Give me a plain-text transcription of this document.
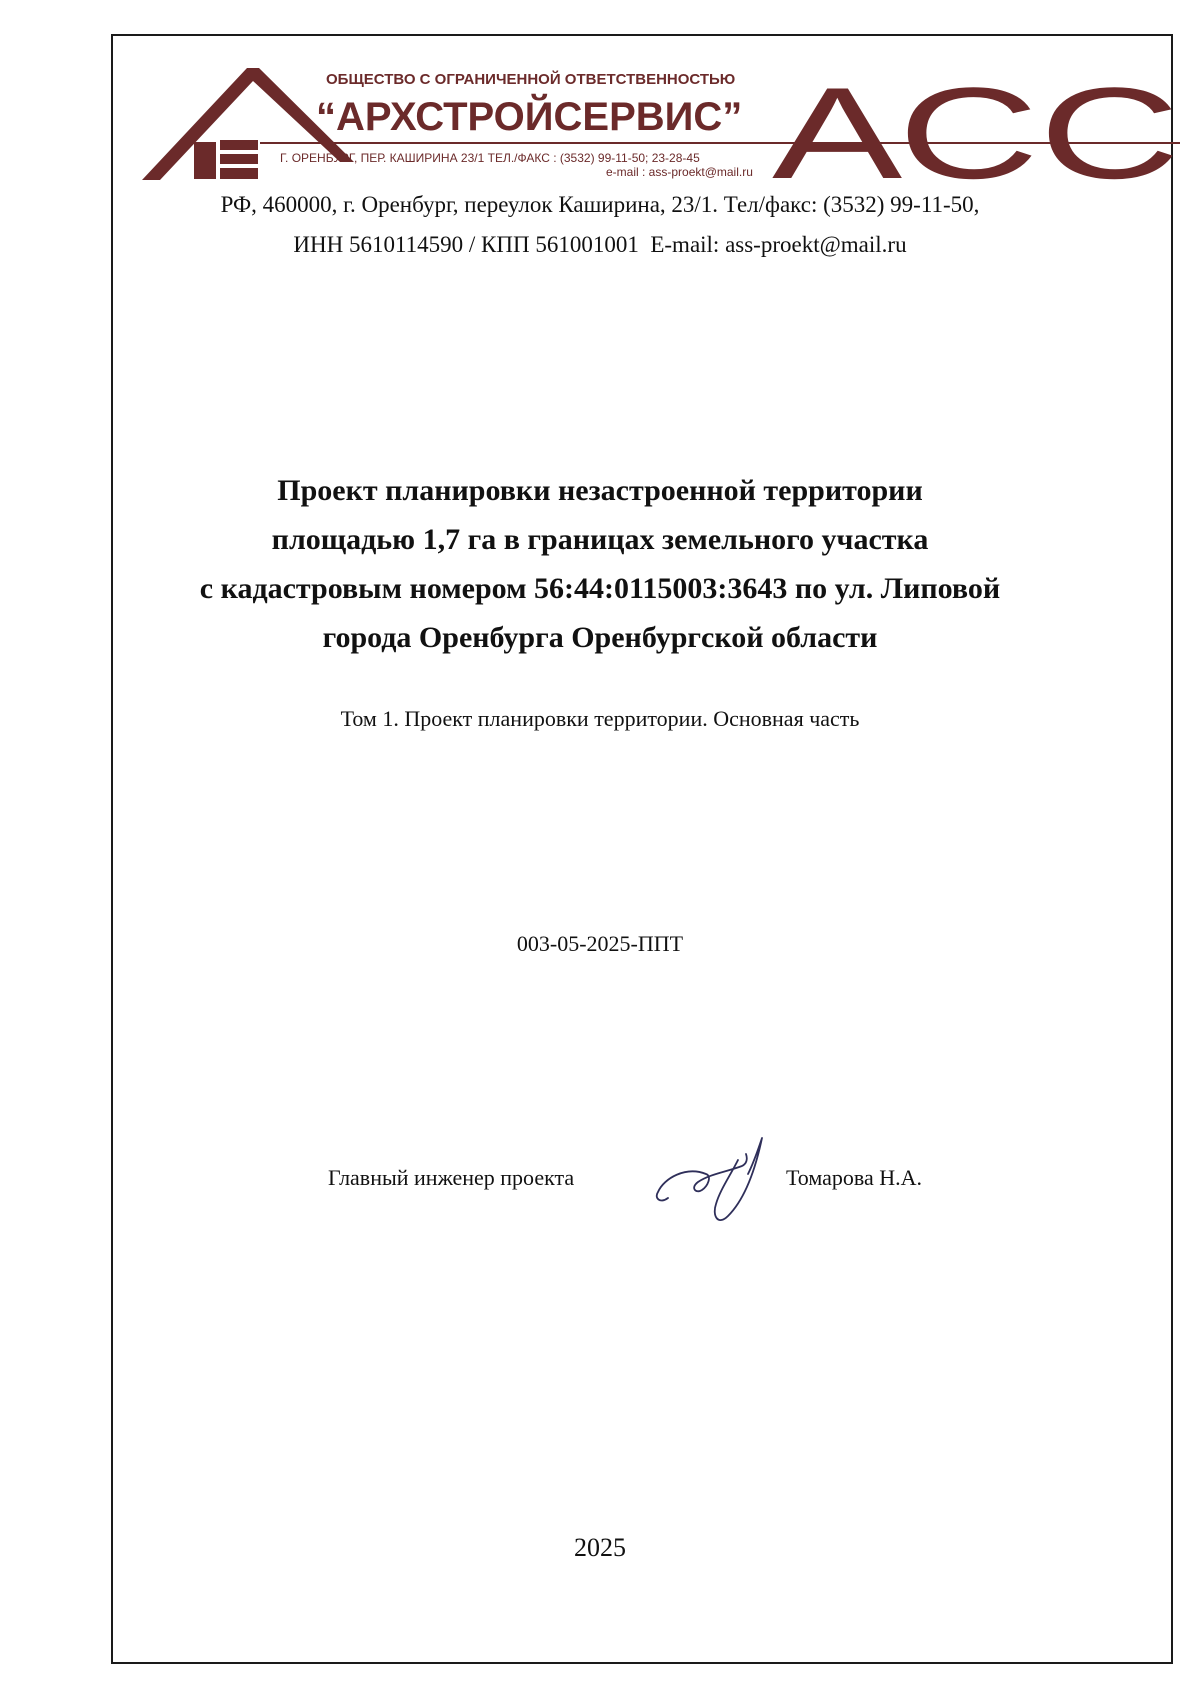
ОБЩЕСТВО С ОГРАНИЧЕННОЙ ОТВЕТСТВЕННОСТЬЮ
“АРХСТРОЙСЕРВИС”
Г. ОРЕНБУРГ, ПЕР. КАШИРИНА 23/1 ТЕЛ./ФАКС : (3532) 99-11-50; 23-28-45
e-mail : ass-proekt@mail.ru АСС
РФ, 460000, г. Оренбург, переулок Каширина, 23/1. Тел/факс: (3532) 99-11-50,
ИНН 5610114590 / КПП 561001001  E-mail: ass-proekt@mail.ru
Проект планировки незастроенной территории
площадью 1,7 га в границах земельного участка
с кадастровым номером 56:44:0115003:3643 по ул. Липовой
города Оренбурга Оренбургской области
Том 1. Проект планировки территории. Основная часть
003-05-2025-ППТ
Главный инженер проекта	Томарова Н.А.
2025
